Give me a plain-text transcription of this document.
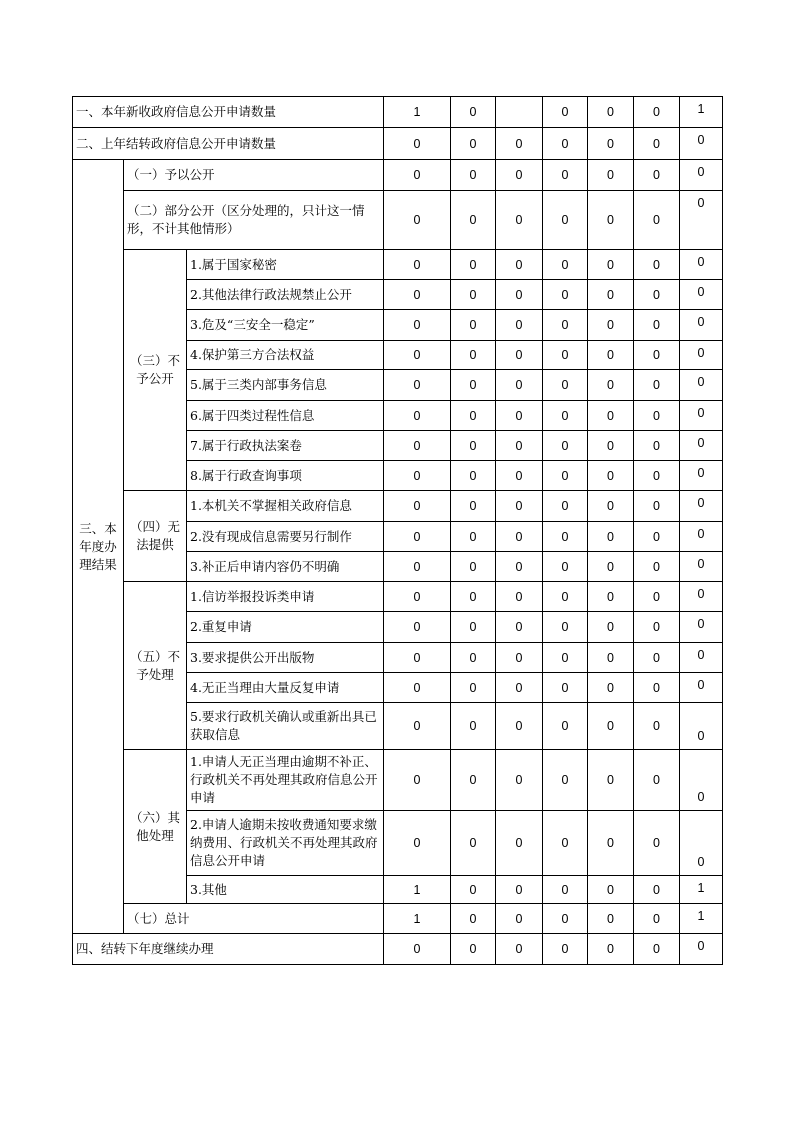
一、本年新收政府信息公开申请数量			1	0		0	0	0	1
二、上年结转政府信息公开申请数量			0	0	0	0	0	0	0
三、本年度办理结果	（一）予以公开		0	0	0	0	0	0	0
	（二）部分公开（区分处理的，只计这一情形，不计其他情形）		0	0	0	0	0	0	0
	（三）不予公开	1.属于国家秘密	0	0	0	0	0	0	0
		2.其他法律行政法规禁止公开	0	0	0	0	0	0	0
		3.危及“三安全一稳定”	0	0	0	0	0	0	0
		4.保护第三方合法权益	0	0	0	0	0	0	0
		5.属于三类内部事务信息	0	0	0	0	0	0	0
		6.属于四类过程性信息	0	0	0	0	0	0	0
		7.属于行政执法案卷	0	0	0	0	0	0	0
		8.属于行政查询事项	0	0	0	0	0	0	0
	（四）无法提供	1.本机关不掌握相关政府信息	0	0	0	0	0	0	0
		2.没有现成信息需要另行制作	0	0	0	0	0	0	0
		3.补正后申请内容仍不明确	0	0	0	0	0	0	0
	（五）不予处理	1.信访举报投诉类申请	0	0	0	0	0	0	0
		2.重复申请	0	0	0	0	0	0	0
		3.要求提供公开出版物	0	0	0	0	0	0	0
		4.无正当理由大量反复申请	0	0	0	0	0	0	0
		5.要求行政机关确认或重新出具已获取信息	0	0	0	0	0	0	0
	（六）其他处理	1.申请人无正当理由逾期不补正、行政机关不再处理其政府信息公开申请	0	0	0	0	0	0	0
		2.申请人逾期未按收费通知要求缴纳费用、行政机关不再处理其政府信息公开申请	0	0	0	0	0	0	0
		3.其他	1	0	0	0	0	0	1
	（七）总计		1	0	0	0	0	0	1
四、结转下年度继续办理			0	0	0	0	0	0	0
